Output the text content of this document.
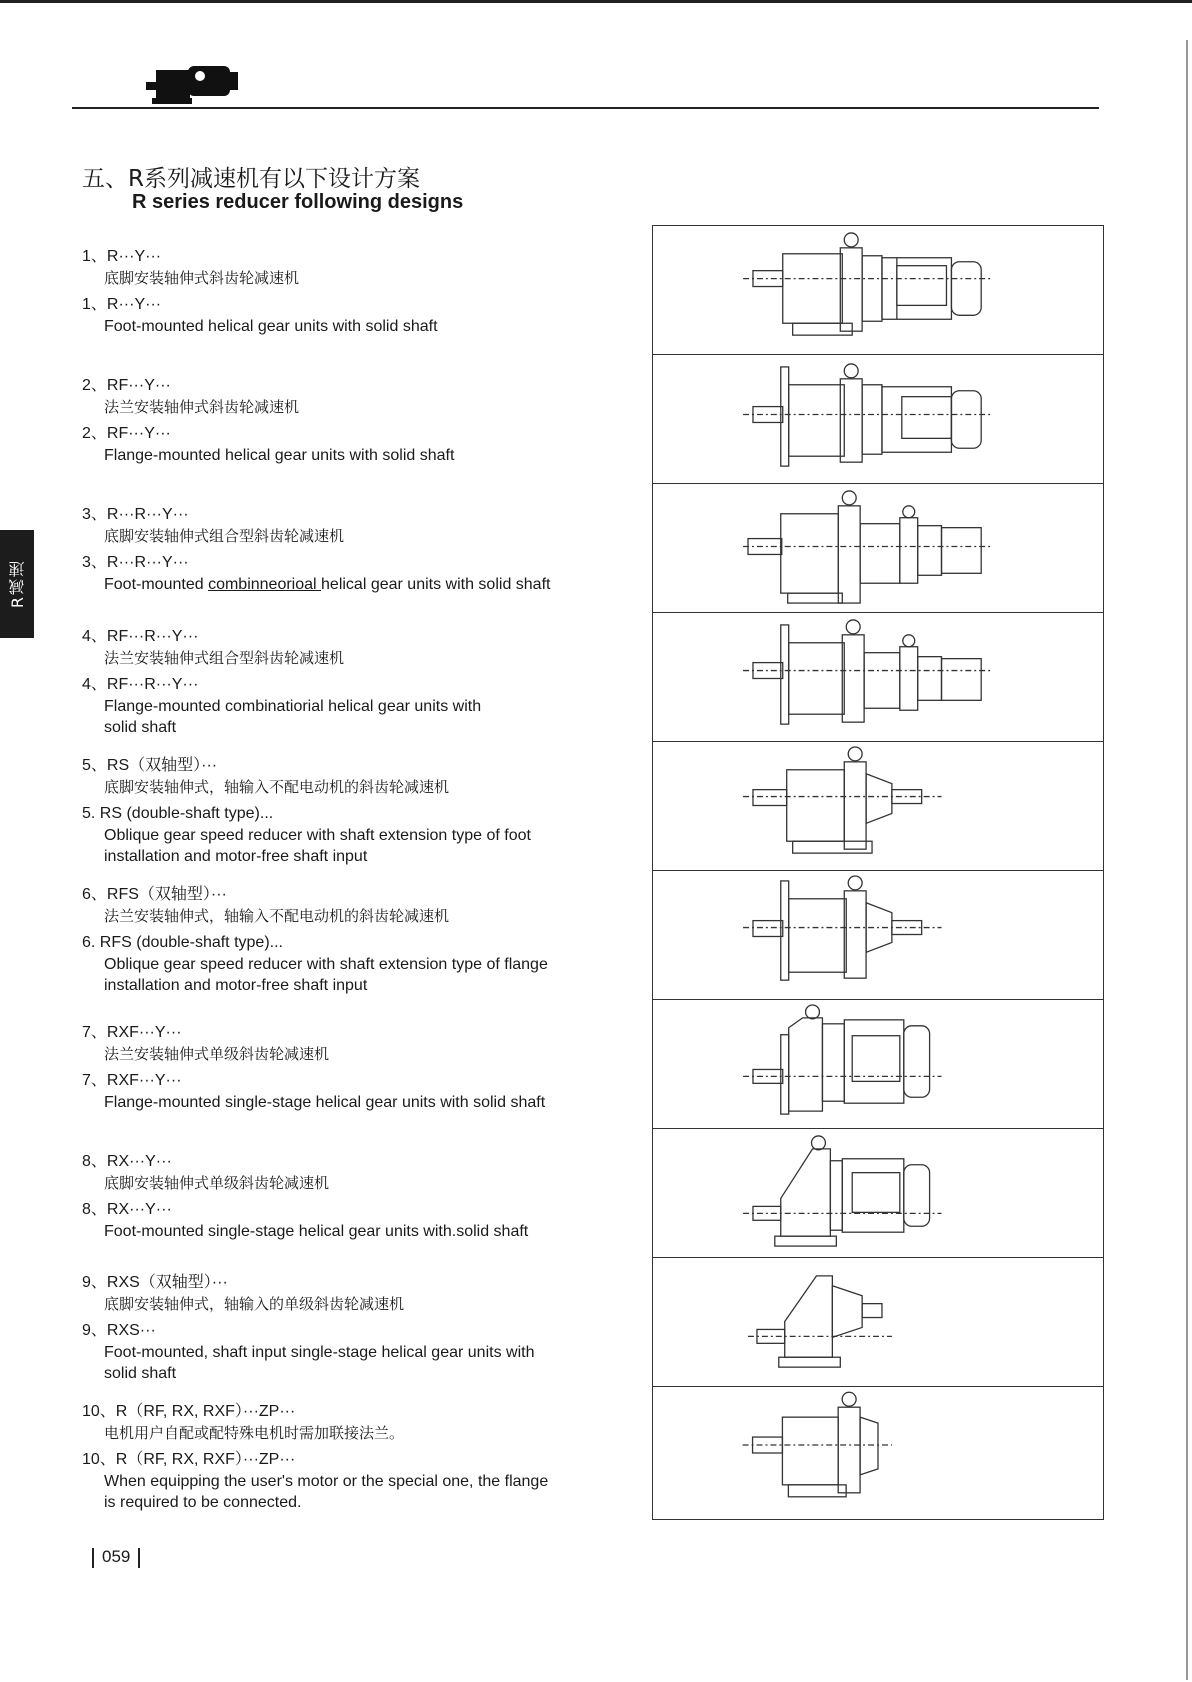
R减速
五、R系列减速机有以下设计方案
R series reducer following designs
1、R···Y···
底脚安装轴伸式斜齿轮减速机
1、R···Y···
Foot-mounted helical gear units with solid shaft
2、RF···Y···
法兰安装轴伸式斜齿轮减速机
2、RF···Y···
Flange-mounted helical gear units with solid shaft
3、R···R···Y···
底脚安装轴伸式组合型斜齿轮减速机
3、R···R···Y···
Foot-mounted combinneorioal helical gear units with solid shaft
4、RF···R···Y···
法兰安装轴伸式组合型斜齿轮减速机
4、RF···R···Y···
Flange-mounted combinatiorial helical gear units with
solid shaft
5、RS（双轴型）···
底脚安装轴伸式，轴输入不配电动机的斜齿轮减速机
5. RS (double-shaft type)...
Oblique gear speed reducer with shaft extension type of foot
installation and motor-free shaft input
6、RFS（双轴型）···
法兰安装轴伸式，轴输入不配电动机的斜齿轮减速机
6. RFS (double-shaft type)...
Oblique gear speed reducer with shaft extension type of flange
installation and motor-free shaft input
7、RXF···Y···
法兰安装轴伸式单级斜齿轮减速机
7、RXF···Y···
Flange-mounted single-stage helical gear units with solid shaft
8、RX···Y···
底脚安装轴伸式单级斜齿轮减速机
8、RX···Y···
Foot-mounted single-stage helical gear units with.solid shaft
9、RXS（双轴型）···
底脚安装轴伸式，轴输入的单级斜齿轮减速机
9、RXS···
Foot-mounted, shaft input single-stage helical gear units with
solid shaft
10、R（RF, RX, RXF）···ZP···
电机用户自配或配特殊电机时需加联接法兰。
10、R（RF, RX, RXF）···ZP···
When equipping the user's motor or the special one, the flange
is required to be connected.
059
